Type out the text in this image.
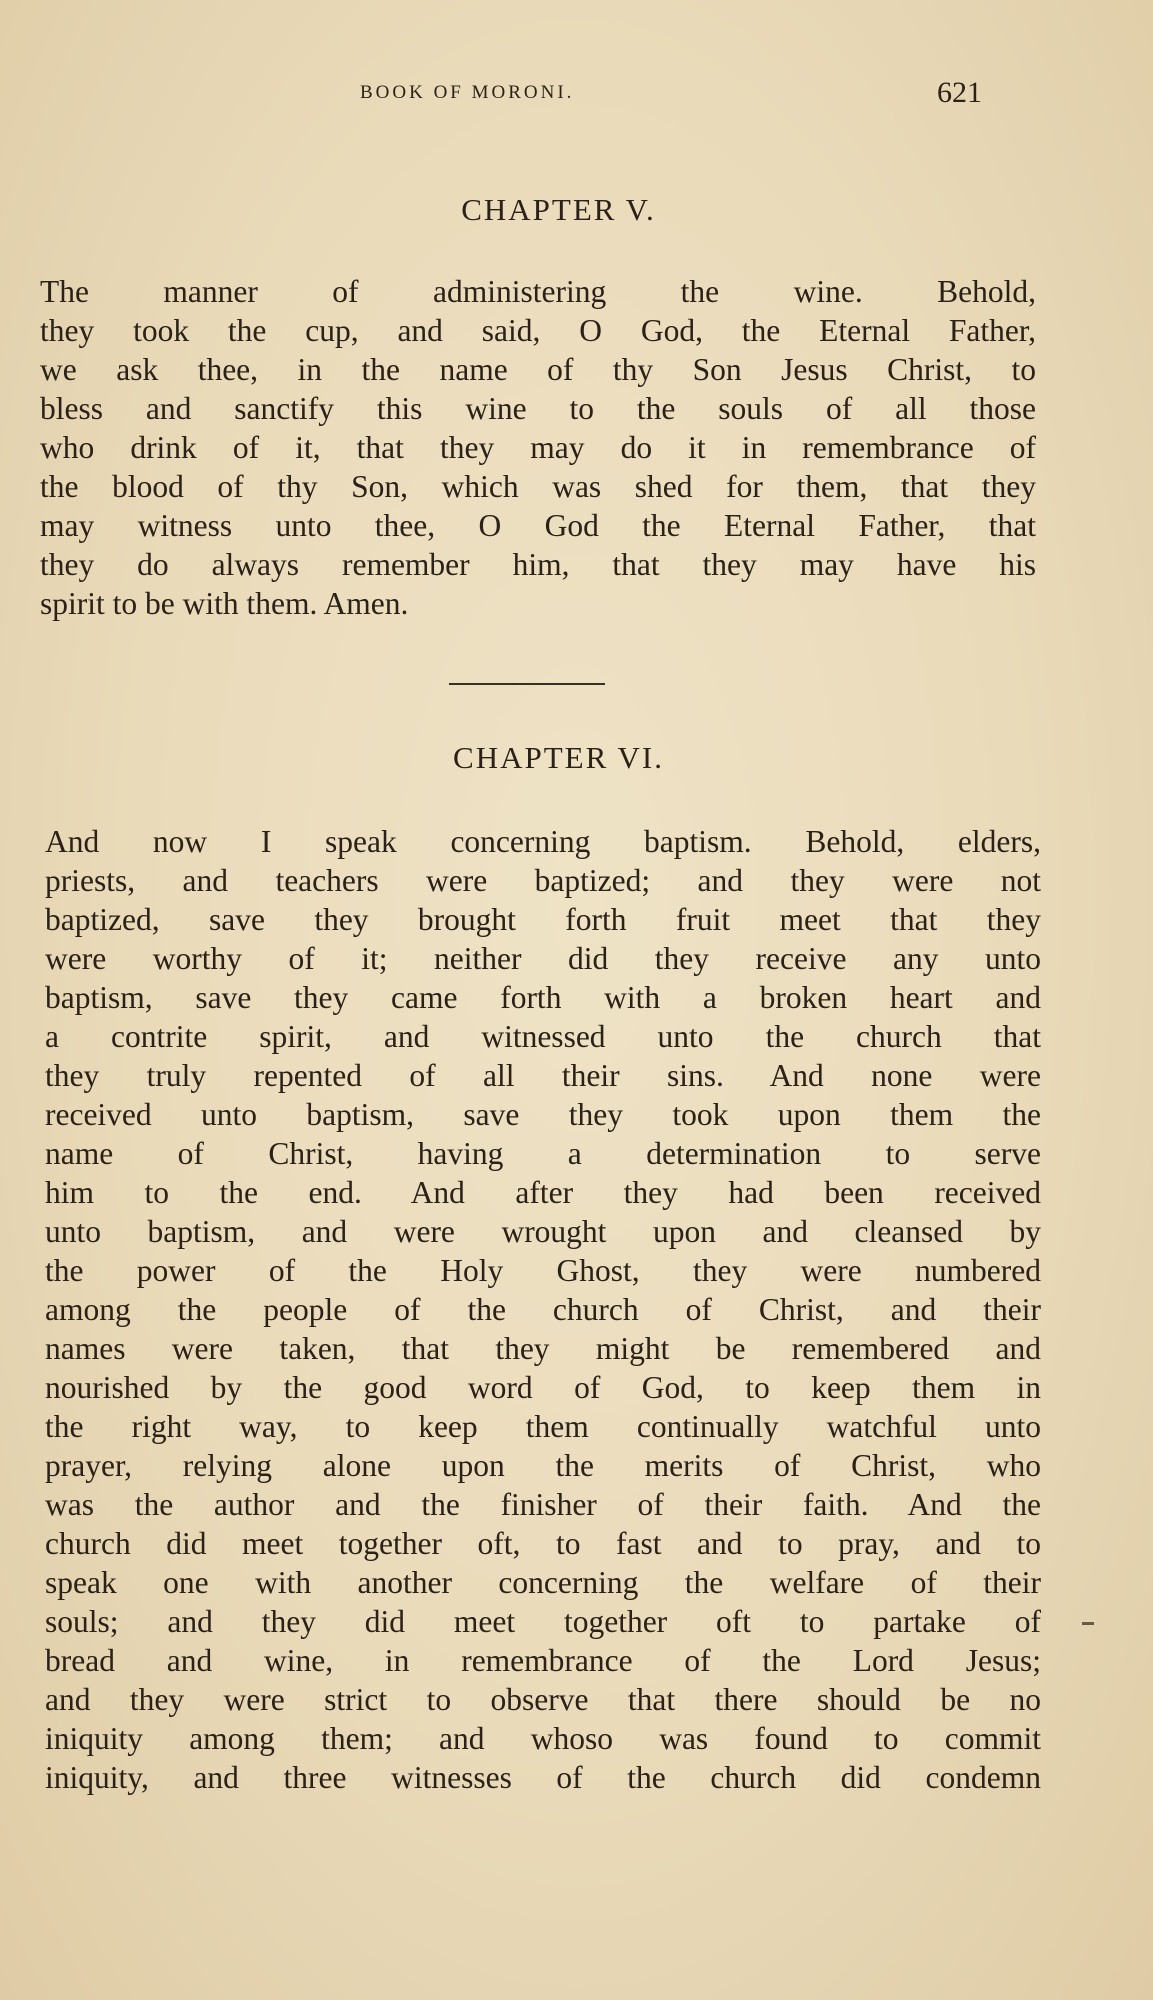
BOOK OF MORONI.	621
CHAPTER V.
The manner of administering the wine. Behold,
they took the cup, and said, O God, the Eternal Father,
we ask thee, in the name of thy Son Jesus Christ, to
bless and sanctify this wine to the souls of all those
who drink of it, that they may do it in remembrance of
the blood of thy Son, which was shed for them, that they
may witness unto thee, O God the Eternal Father, that
they do always remember him, that they may have his
spirit to be with them. Amen.
CHAPTER VI.
And now I speak concerning baptism. Behold, elders,
priests, and teachers were baptized; and they were not
baptized, save they brought forth fruit meet that they
were worthy of it; neither did they receive any unto
baptism, save they came forth with a broken heart and
a contrite spirit, and witnessed unto the church that
they truly repented of all their sins. And none were
received unto baptism, save they took upon them the
name of Christ, having a determination to serve
him to the end. And after they had been received
unto baptism, and were wrought upon and cleansed by
the power of the Holy Ghost, they were numbered
among the people of the church of Christ, and their
names were taken, that they might be remembered and
nourished by the good word of God, to keep them in
the right way, to keep them continually watchful unto
prayer, relying alone upon the merits of Christ, who
was the author and the finisher of their faith. And the
church did meet together oft, to fast and to pray, and to
speak one with another concerning the welfare of their
souls; and they did meet together oft to partake of
bread and wine, in remembrance of the Lord Jesus;
and they were strict to observe that there should be no
iniquity among them; and whoso was found to commit
iniquity, and three witnesses of the church did condemn
